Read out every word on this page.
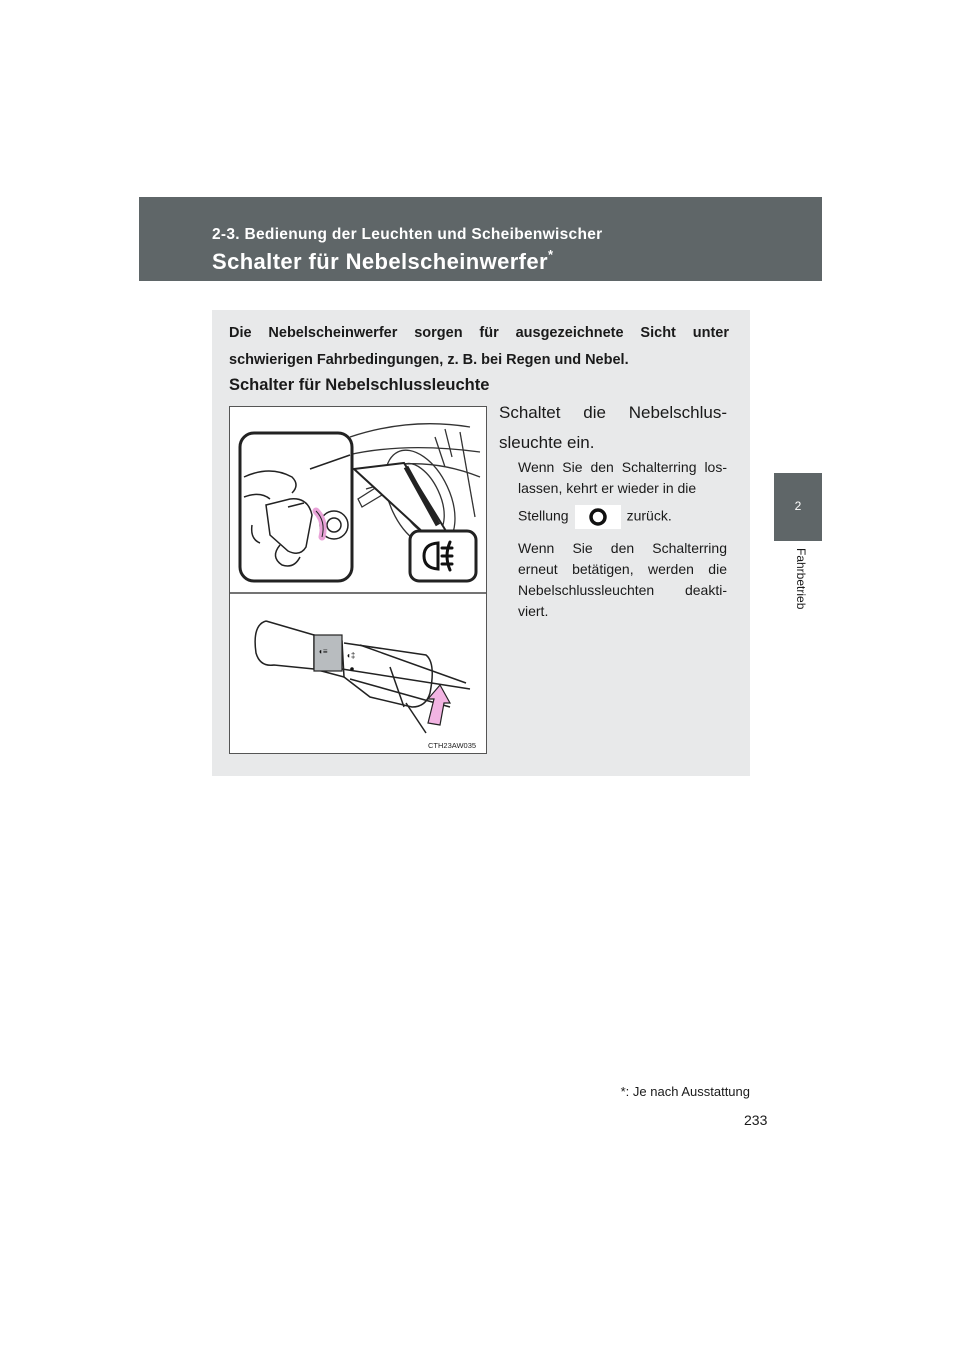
2-3. Bedienung der Leuchten und Scheibenwischer
Schalter für Nebelscheinwerfer*
2
Fahrbetrieb
Die Nebelscheinwerfer sorgen für ausgezeichnete Sicht unter schwierigen Fahrbedingungen, z. B. bei Regen und Nebel.
Schalter für Nebelschlussleuchte
◖≡ ◖‡
CTH23AW035
Schaltet die Nebelschlus-sleuchte ein.
Wenn Sie den Schalterring los-lassen, kehrt er wieder in die
Stellung	zurück.
Wenn Sie den Schalterring erneut betätigen, werden die Nebelschlussleuchten deakti-viert.
*: Je nach Ausstattung
233
